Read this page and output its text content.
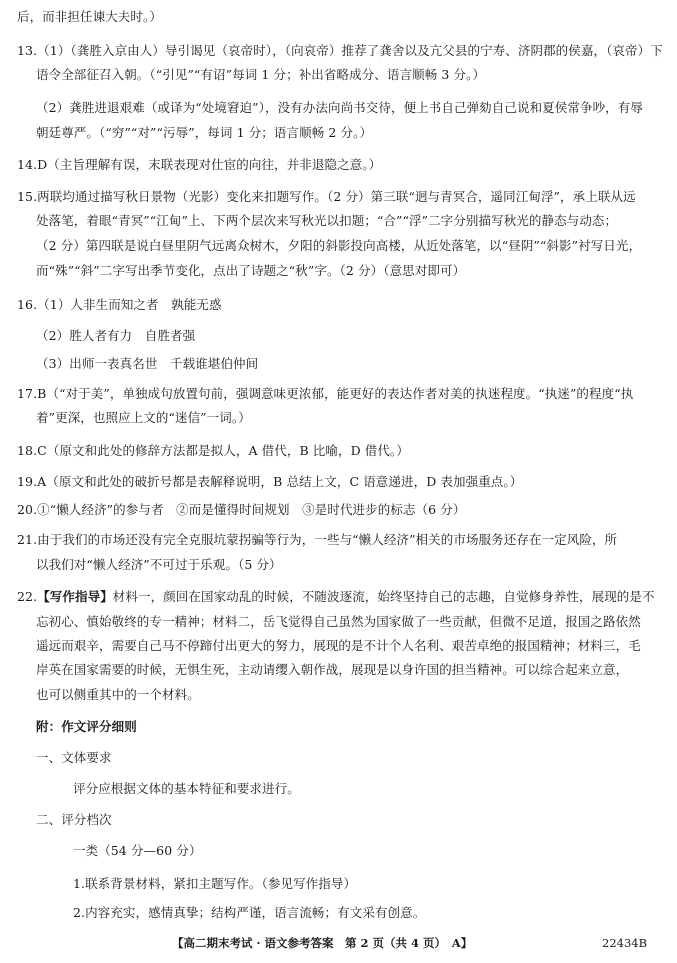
后，而非担任谏大夫时。）
13.（1）（龚胜入京由人）导引谒见（哀帝时），（向哀帝）推荐了龚舍以及亢父县的宁寿、济阴郡的侯嘉，（哀帝）下
语令全部征召入朝。（“引见”“有诏”每词 1 分；补出省略成分、语言顺畅 3 分。）
（2）龚胜进退艰难（或译为“处境窘迫”），没有办法向尚书交待，便上书自己弹劾自己说和夏侯常争吵，有辱
朝廷尊严。（“穷”“对”“污辱”，每词 1 分；语言顺畅 2 分。）
14.D（主旨理解有误，末联表现对仕宦的向往，并非退隐之意。）
15.两联均通过描写秋日景物（光影）变化来扣题写作。（2 分）第三联“迥与青冥合，遥同江甸浮”，承上联从远
处落笔，着眼“青冥”“江甸”上、下两个层次来写秋光以扣题；“合”“浮”二字分别描写秋光的静态与动态；
（2 分）第四联是说白昼里阴气远离众树木，夕阳的斜影投向高楼，从近处落笔，以“昼阴”“斜影”衬写日光，
而“殊”“斜”二字写出季节变化，点出了诗题之“秋”字。（2 分）（意思对即可）
16.（1）人非生而知之者　孰能无惑
（2）胜人者有力　自胜者强
（3）出师一表真名世　千载谁堪伯仲间
17.B（“对于美”，单独成句放置句前，强调意味更浓郁，能更好的表达作者对美的执迷程度。“执迷”的程度“执
着”更深，也照应上文的“迷信”一词。）
18.C（原文和此处的修辞方法都是拟人，A 借代，B 比喻，D 借代。）
19.A（原文和此处的破折号都是表解释说明，B 总结上文，C 语意递进，D 表加强重点。）
20.①“懒人经济”的参与者　②而是懂得时间规划　③是时代进步的标志（6 分）
21.由于我们的市场还没有完全克服坑蒙拐骗等行为，一些与“懒人经济”相关的市场服务还存在一定风险，所
以我们对“懒人经济”不可过于乐观。（5 分）
22.【写作指导】材料一，颜回在国家动乱的时候，不随波逐流，始终坚持自己的志趣，自觉修身养性，展现的是不
忘初心、慎始敬终的专一精神；材料二，岳飞觉得自己虽然为国家做了一些贡献，但微不足道，报国之路依然
遥远而艰辛，需要自己马不停蹄付出更大的努力，展现的是不计个人名利、艰苦卓绝的报国精神；材料三，毛
岸英在国家需要的时候，无惧生死，主动请缨入朝作战，展现是以身许国的担当精神。可以综合起来立意，
也可以侧重其中的一个材料。
附：作文评分细则
一、文体要求
评分应根据文体的基本特征和要求进行。
二、评分档次
一类（54 分—60 分）
1.联系背景材料，紧扣主题写作。（参见写作指导）
2.内容充实，感情真挚；结构严谨，语言流畅；有文采有创意。
【高二期末考试 · 语文参考答案　第 2 页（共 4 页）　A】	22434B
